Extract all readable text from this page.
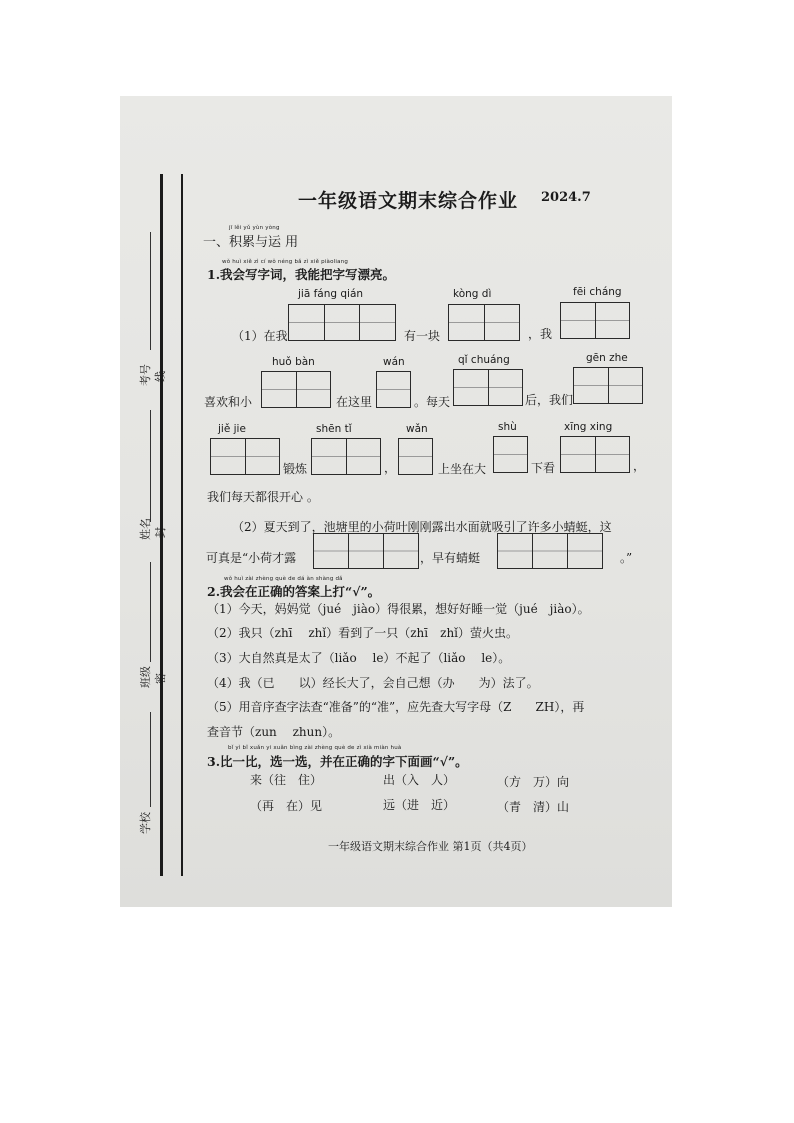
考号 线
姓名 封
班级 密
学校
一年级语文期末综合作业 2024.7
jī lěi yǔ yùn yòng
一、积累与运 用
wǒ huì xiě zì cí wǒ néng bǎ zì xiě piàoliang
1.我会写字词，我能把字写漂亮。
jiā fáng qián	kòng dì	fēi cháng
（1）在我	有一块	，我
huǒ bàn	wán	qǐ chuáng	gēn zhe
喜欢和小	在这里	。每天	后，我们
jiě jie	shēn tǐ	wǎn	shù	xīng xing
锻炼	，	上坐在大	下看	，
我们每天都很开心 。
（2）夏天到了，池塘里的小荷叶刚刚露出水面就吸引了许多小蜻蜓，这
可真是“小荷才露	，早有蜻蜓	。”
wǒ huì zài zhèng què de dá àn shàng dǎ
2.我会在正确的答案上打“√”。
（1）今天，妈妈觉（jué　jiào）得很累，想好好睡一觉（jué　jiào）。
（2）我只（zhī　 zhǐ）看到了一只（zhī　zhǐ）萤火虫。
（3）大自然真是太了（liǎo　 le）不起了（liǎo　 le）。
（4）我（已　　以）经长大了，会自己想（办　　为）法了。
（5）用音序查字法查“准备”的“准”，应先查大写字母（Z　　ZH），再
查音节（zun　 zhun）。
bǐ yì bǐ xuǎn yi xuǎn bìng zài zhèng què de zì xià miàn huà
3.比一比，选一选，并在正确的字下面画“√”。
来（往　住）	出（入　人）	（方　万）向
（再　在）见	远（进　近）	（青　清）山
一年级语文期末综合作业 第1页（共4页）
